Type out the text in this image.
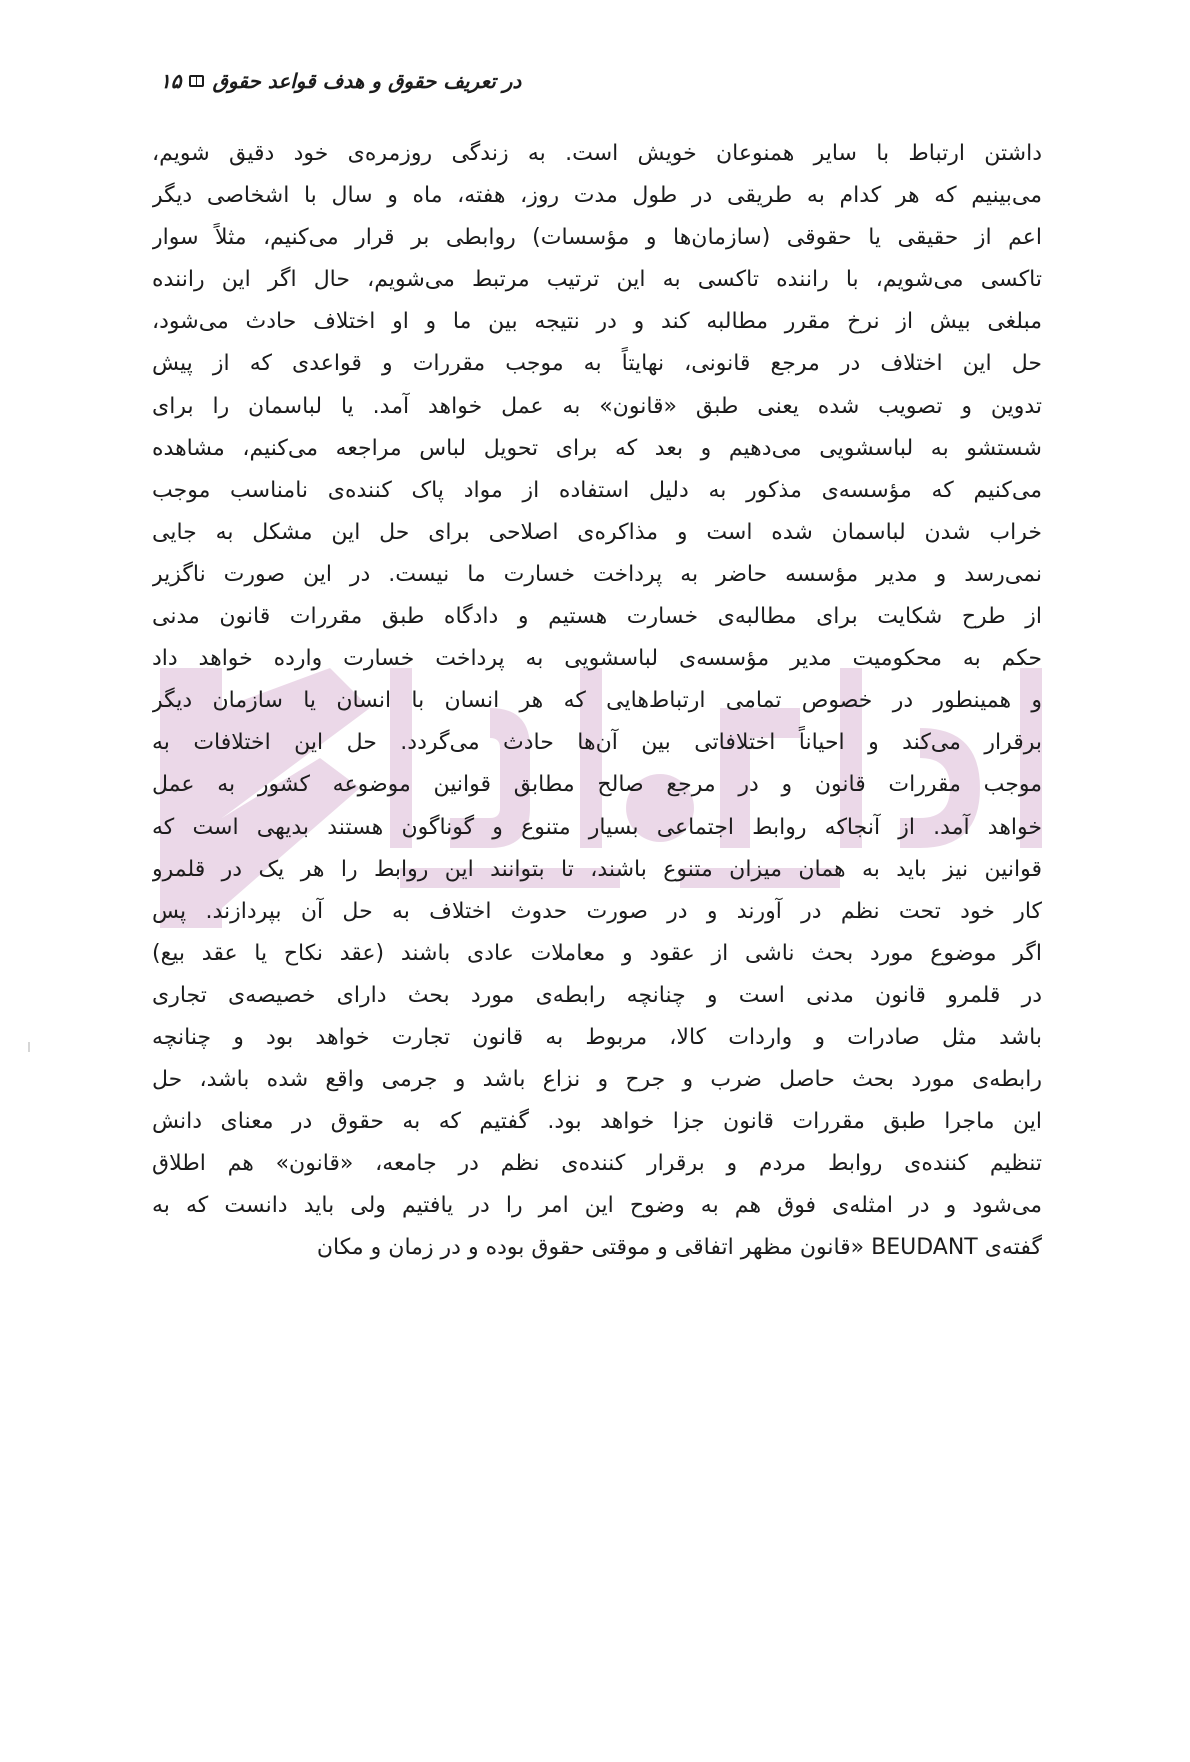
در تعریف حقوق و هدف قواعد حقوق
۱۵
داشتن ارتباط با سایر همنوعان خویش است. به زندگی روزمره‌ی خود دقیق شویم،
می‌بینیم که هر کدام به طریقی در طول مدت روز، هفته، ماه و سال با اشخاصی دیگر
اعم از حقیقی یا حقوقی (سازمان‌ها و مؤسسات) روابطی بر قرار می‌کنیم، مثلاً سوار
تاکسی می‌شویم، با راننده تاکسی به این ترتیب مرتبط می‌شویم، حال اگر این راننده
مبلغی بیش از نرخ مقرر مطالبه کند و در نتیجه بین ما و او اختلاف حادث می‌شود،
حل این اختلاف در مرجع قانونی، نهایتاً به موجب مقررات و قواعدی که از پیش
تدوین و تصویب شده یعنی طبق «قانون» به عمل خواهد آمد. یا لباسمان را برای
شستشو به لباسشویی می‌دهیم و بعد که برای تحویل لباس مراجعه می‌کنیم، مشاهده
می‌کنیم که مؤسسه‌ی مذکور به دلیل استفاده از مواد پاک کننده‌ی نامناسب موجب
خراب شدن لباسمان شده است و مذاکره‌ی اصلاحی برای حل این مشکل به جایی
نمی‌رسد و مدیر مؤسسه حاضر به پرداخت خسارت ما نیست. در این صورت ناگزیر
از طرح شکایت برای مطالبه‌ی خسارت هستیم و دادگاه طبق مقررات قانون مدنی
حکم به محکومیت مدیر مؤسسه‌ی لباسشویی به پرداخت خسارت وارده خواهد داد
و همینطور در خصوص تمامی ارتباط‌هایی که هر انسان با انسان یا سازمان دیگر
برقرار می‌کند و احیاناً اختلافاتی بین آن‌ها حادث می‌گردد. حل این اختلافات به
موجب مقررات قانون و در مرجع صالح مطابق قوانین موضوعه کشور به عمل
خواهد آمد. از آنجاکه روابط اجتماعی بسیار متنوع و گوناگون هستند بدیهی است که
قوانین نیز باید به همان میزان متنوع باشند، تا بتوانند این روابط را هر یک در قلمرو
کار خود تحت نظم در آورند و در صورت حدوث اختلاف به حل آن بپردازند. پس
اگر موضوع مورد بحث ناشی از عقود و معاملات عادی باشند (عقد نکاح یا عقد بیع)
در قلمرو قانون مدنی است و چنانچه رابطه‌ی مورد بحث دارای خصیصه‌ی تجاری
باشد مثل صادرات و واردات کالا، مربوط به قانون تجارت خواهد بود و چنانچه
رابطه‌ی مورد بحث حاصل ضرب و جرح و نزاع باشد و جرمی واقع شده باشد، حل
این ماجرا طبق مقررات قانون جزا خواهد بود. گفتیم که به حقوق در معنای دانش
تنظیم کننده‌ی روابط مردم و برقرار کننده‌ی نظم در جامعه، «قانون» هم اطلاق
می‌شود و در امثله‌ی فوق هم به وضوح این امر را در یافتیم ولی باید دانست که به
گفته‌ی BEUDANT «قانون مظهر اتفاقی و موقتی حقوق بوده و در زمان و مکان
